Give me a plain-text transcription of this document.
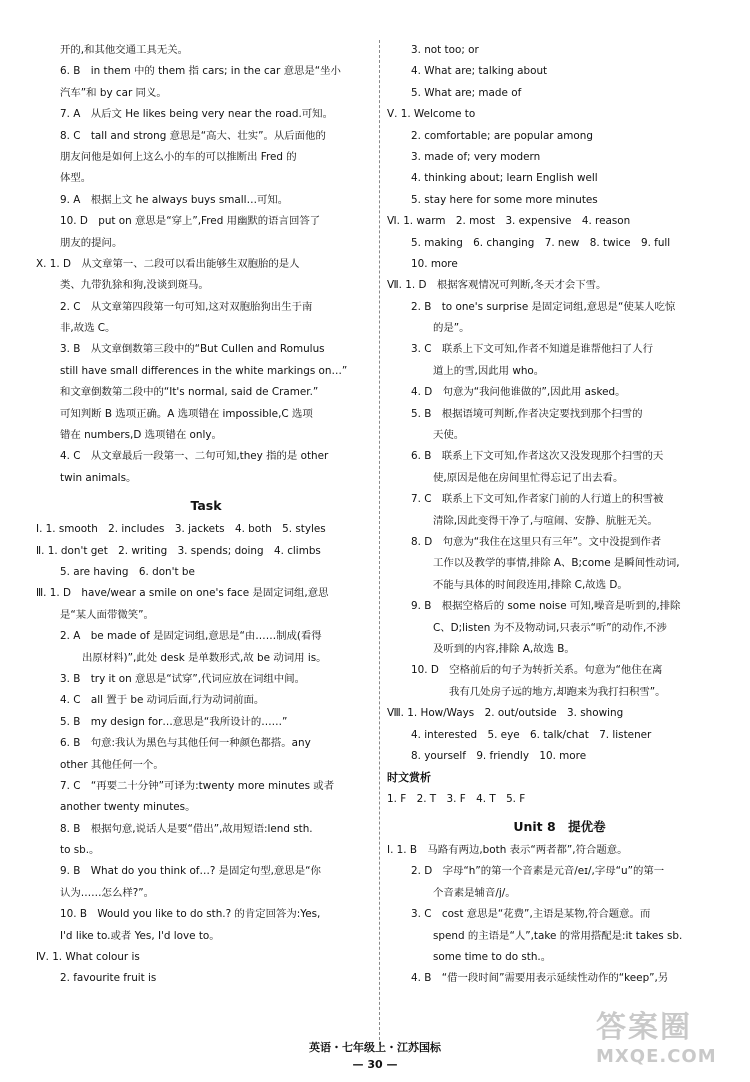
开的,和其他交通工具无关。
6. B　in them 中的 them 指 cars; in the car 意思是“坐小
汽车”和 by car 同义。
7. A　从后文 He likes being very near the road.可知。
8. C　tall and strong 意思是“高大、壮实”。从后面他的
朋友问他是如何上这么小的车的可以推断出 Fred 的
体型。
9. A　根据上文 he always buys small…可知。
10. D　put on 意思是“穿上”,Fred 用幽默的语言回答了
朋友的提问。
Ⅹ. 1. D　从文章第一、二段可以看出能够生双胞胎的是人
类、九带犰狳和狗,没谈到斑马。
2. C　从文章第四段第一句可知,这对双胞胎狗出生于南
非,故选 C。
3. B　从文章倒数第三段中的“But Cullen and Romulus
still have small differences in the white markings on…”
和文章倒数第二段中的“It's normal, said de Cramer.”
可知判断 B 选项正确。A 选项错在 impossible,C 选项
错在 numbers,D 选项错在 only。
4. C　从文章最后一段第一、二句可知,they 指的是 other
twin animals。
Task
Ⅰ. 1. smooth　2. includes　3. jackets　4. both　5. styles
Ⅱ. 1. don't get　2. writing　3. spends; doing　4. climbs
5. are having　6. don't be
Ⅲ. 1. D　have/wear a smile on one's face 是固定词组,意思
是“某人面带微笑”。
2. A　be made of 是固定词组,意思是“由……制成(看得
出原材料)”,此处 desk 是单数形式,故 be 动词用 is。
3. B　try it on 意思是“试穿”,代词应放在词组中间。
4. C　all 置于 be 动词后面,行为动词前面。
5. B　my design for…意思是“我所设计的……”
6. B　句意:我认为黑色与其他任何一种颜色都搭。any
other 其他任何一个。
7. C　“再要二十分钟”可译为:twenty more minutes 或者
another twenty minutes。
8. B　根据句意,说话人是要“借出”,故用短语:lend sth.
to sb.。
9. B　What do you think of…? 是固定句型,意思是“你
认为……怎么样?”。
10. B　Would you like to do sth.? 的肯定回答为:Yes,
I'd like to.或者 Yes, I'd love to。
Ⅳ. 1. What colour is
2. favourite fruit is
3. not too; or
4. What are; talking about
5. What are; made of
Ⅴ. 1. Welcome to
2. comfortable; are popular among
3. made of; very modern
4. thinking about; learn English well
5. stay here for some more minutes
Ⅵ. 1. warm　2. most　3. expensive　4. reason
5. making　6. changing　7. new　8. twice　9. full
10. more
Ⅶ. 1. D　根据客观情况可判断,冬天才会下雪。
2. B　to one's surprise 是固定词组,意思是“使某人吃惊
的是”。
3. C　联系上下文可知,作者不知道是谁帮他扫了人行
道上的雪,因此用 who。
4. D　句意为“我问他谁做的”,因此用 asked。
5. B　根据语境可判断,作者决定要找到那个扫雪的
天使。
6. B　联系上下文可知,作者这次又没发现那个扫雪的天
使,原因是他在房间里忙得忘记了出去看。
7. C　联系上下文可知,作者家门前的人行道上的积雪被
清除,因此变得干净了,与喧闹、安静、肮脏无关。
8. D　句意为“我住在这里只有三年”。文中没提到作者
工作以及教学的事情,排除 A、B;come 是瞬间性动词,
不能与具体的时间段连用,排除 C,故选 D。
9. B　根据空格后的 some noise 可知,噪音是听到的,排除
C、D;listen 为不及物动词,只表示“听”的动作,不涉
及听到的内容,排除 A,故选 B。
10. D　空格前后的句子为转折关系。句意为“他住在离
我有几处房子远的地方,却跑来为我打扫积雪”。
Ⅷ. 1. How/Ways　2. out/outside　3. showing
4. interested　5. eye　6. talk/chat　7. listener
8. yourself　9. friendly　10. more
时文赏析
1. F　2. T　3. F　4. T　5. F
Unit 8　提优卷
Ⅰ. 1. B　马路有两边,both 表示“两者都”,符合题意。
2. D　字母“h”的第一个音素是元音/eɪ/,字母“u”的第一
个音素是辅音/j/。
3. C　cost 意思是“花费”,主语是某物,符合题意。而
spend 的主语是“人”,take 的常用搭配是:it takes sb.
some time to do sth.。
4. B　“借一段时间”需要用表示延续性动作的“keep”,另
英语・七年级上・江苏国标
— 30 —
答案圈
MXQE.COM
